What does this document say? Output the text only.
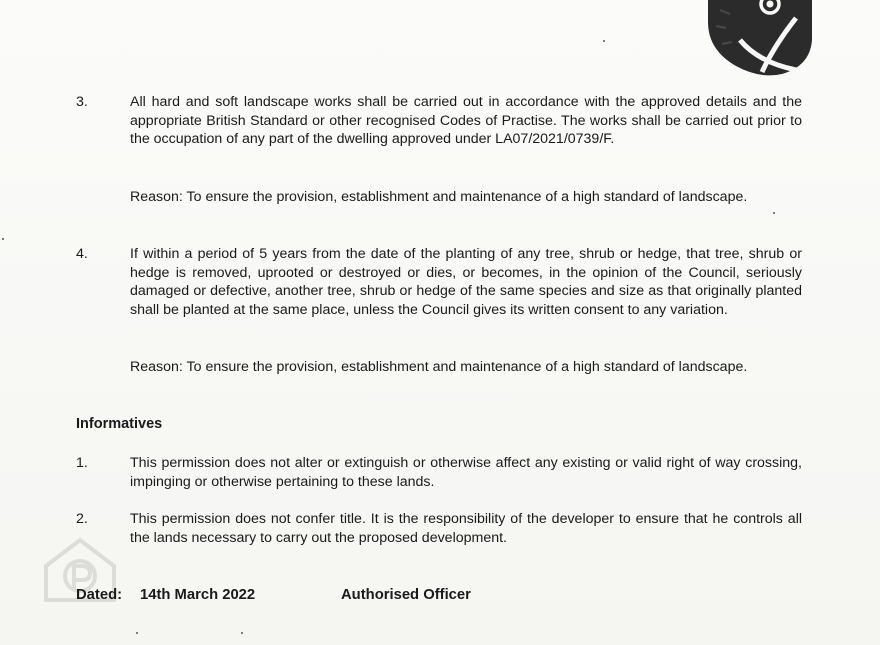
3.	All hard and soft landscape works shall be carried out in accordance with the approved details and the appropriate British Standard or other recognised Codes of Practise. The works shall be carried out prior to the occupation of any part of the dwelling approved under LA07/2021/0739/F.

Reason: To ensure the provision, establishment and maintenance of a high standard of landscape.

4.	If within a period of 5 years from the date of the planting of any tree, shrub or hedge, that tree, shrub or hedge is removed, uprooted or destroyed or dies, or becomes, in the opinion of the Council, seriously damaged or defective, another tree, shrub or hedge of the same species and size as that originally planted shall be planted at the same place, unless the Council gives its written consent to any variation.

Reason: To ensure the provision, establishment and maintenance of a high standard of landscape.

Informatives
1.	This permission does not alter or extinguish or otherwise affect any existing or valid right of way crossing, impinging or otherwise pertaining to these lands.

2.	This permission does not confer title. It is the responsibility of the developer to ensure that he controls all the lands necessary to carry out the proposed development.

Dated: 14th March 2022	Authorised Officer
